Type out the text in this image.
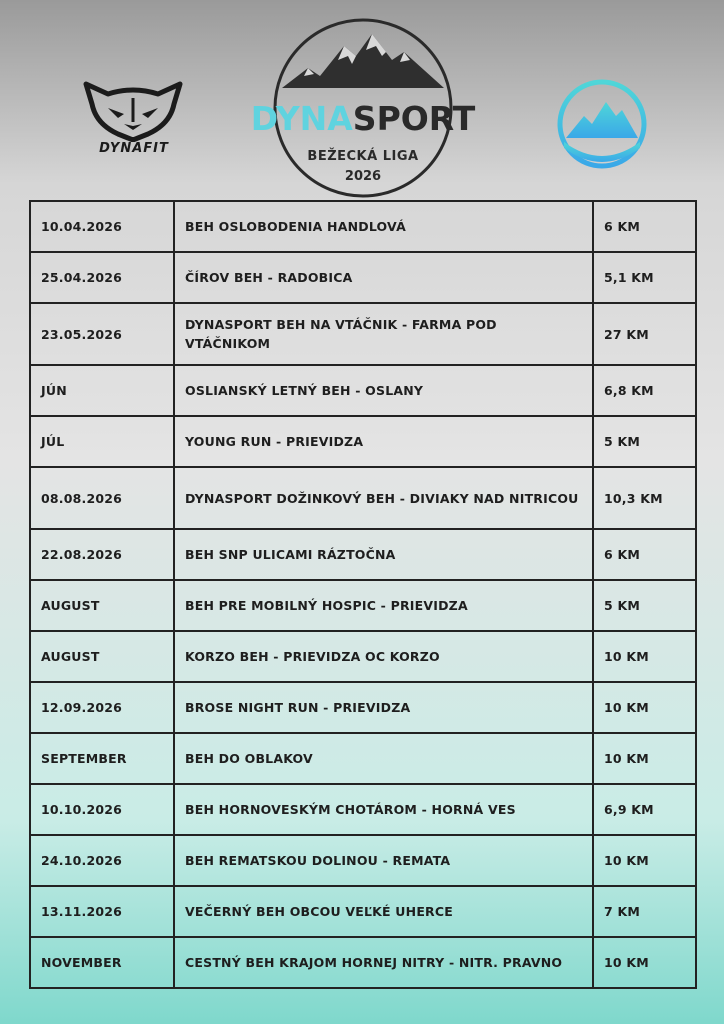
DYNAFIT
DYNASPORT
BEŽECKÁ LIGA
2026
10.04.2026	BEH OSLOBODENIA HANDLOVÁ	6 KM
25.04.2026	ČÍROV BEH - RADOBICA	5,1 KM
23.05.2026	DYNASPORT BEH NA VTÁČNIK - FARMA POD VTÁČNIKOM	27 KM
JÚN	OSLIANSKÝ LETNÝ BEH - OSLANY	6,8 KM
JÚL	YOUNG RUN - PRIEVIDZA	5 KM
08.08.2026	DYNASPORT DOŽINKOVÝ BEH - DIVIAKY NAD NITRICOU	10,3 KM
22.08.2026	BEH SNP ULICAMI RÁZTOČNA	6 KM
AUGUST	BEH PRE MOBILNÝ HOSPIC - PRIEVIDZA	5 KM
AUGUST	KORZO BEH - PRIEVIDZA OC KORZO	10 KM
12.09.2026	BROSE NIGHT RUN - PRIEVIDZA	10 KM
SEPTEMBER	BEH DO OBLAKOV	10 KM
10.10.2026	BEH HORNOVESKÝM CHOTÁROM - HORNÁ VES	6,9 KM
24.10.2026	BEH REMATSKOU DOLINOU - REMATA	10 KM
13.11.2026	VEČERNÝ BEH OBCOU VEĽKÉ UHERCE	7 KM
NOVEMBER	CESTNÝ BEH KRAJOM HORNEJ NITRY - NITR. PRAVNO	10 KM
